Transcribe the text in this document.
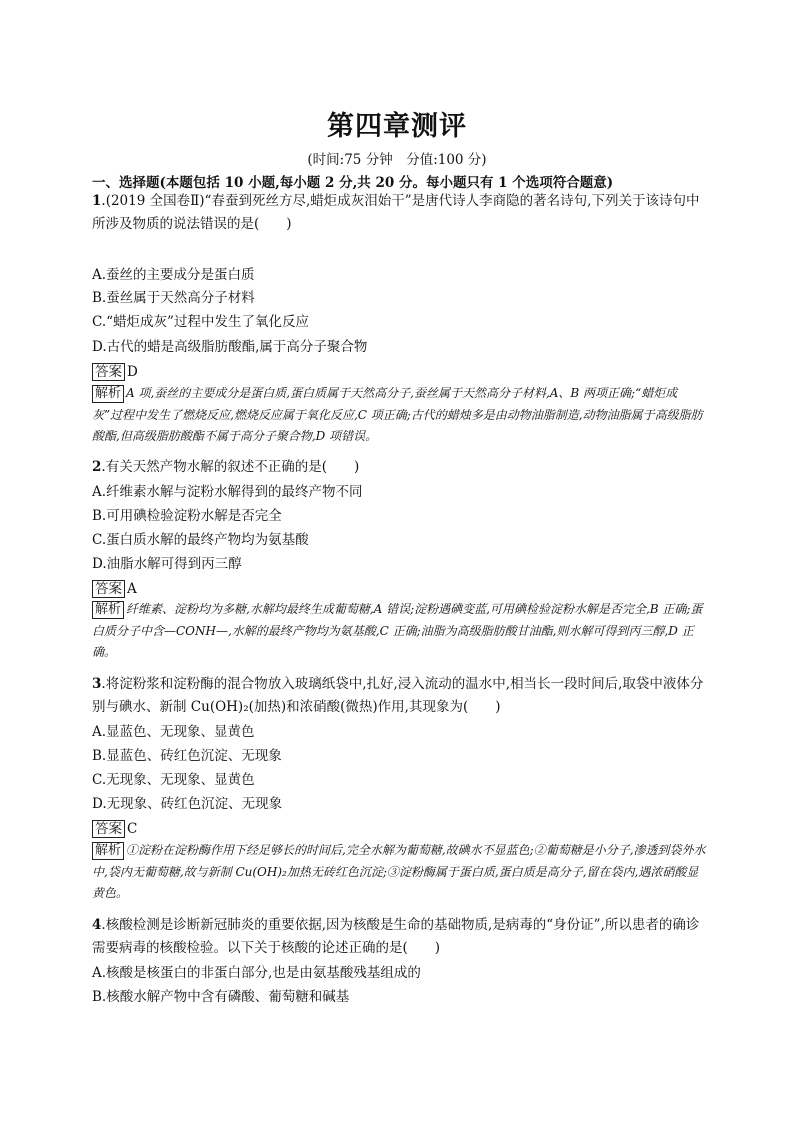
第四章测评
(时间:75 分钟　分值:100 分)
一、选择题(本题包括 10 小题,每小题 2 分,共 20 分。每小题只有 1 个选项符合题意)
1.(2019 全国卷Ⅱ)“春蚕到死丝方尽,蜡炬成灰泪始干”是唐代诗人李商隐的著名诗句,下列关于该诗句中所涉及物质的说法错误的是(　　)
A.蚕丝的主要成分是蛋白质
B.蚕丝属于天然高分子材料
C.“蜡炬成灰”过程中发生了氧化反应
D.古代的蜡是高级脂肪酸酯,属于高分子聚合物
答案 D
解析 A 项,蚕丝的主要成分是蛋白质,蛋白质属于天然高分子,蚕丝属于天然高分子材料,A、B 两项正确;“蜡炬成灰”过程中发生了燃烧反应,燃烧反应属于氧化反应,C 项正确;古代的蜡烛多是由动物油脂制造,动物油脂属于高级脂肪酸酯,但高级脂肪酸酯不属于高分子聚合物,D 项错误。
2.有关天然产物水解的叙述不正确的是(　　)
A.纤维素水解与淀粉水解得到的最终产物不同
B.可用碘检验淀粉水解是否完全
C.蛋白质水解的最终产物均为氨基酸
D.油脂水解可得到丙三醇
答案 A
解析 纤维素、淀粉均为多糖,水解均最终生成葡萄糖,A 错误;淀粉遇碘变蓝,可用碘检验淀粉水解是否完全,B 正确;蛋白质分子中含—CONH—,水解的最终产物均为氨基酸,C 正确;油脂为高级脂肪酸甘油酯,则水解可得到丙三醇,D 正确。
3.将淀粉浆和淀粉酶的混合物放入玻璃纸袋中,扎好,浸入流动的温水中,相当长一段时间后,取袋中液体分别与碘水、新制 Cu(OH)₂(加热)和浓硝酸(微热)作用,其现象为(　　)
A.显蓝色、无现象、显黄色
B.显蓝色、砖红色沉淀、无现象
C.无现象、无现象、显黄色
D.无现象、砖红色沉淀、无现象
答案 C
解析 ①淀粉在淀粉酶作用下经足够长的时间后,完全水解为葡萄糖,故碘水不显蓝色;②葡萄糖是小分子,渗透到袋外水中,袋内无葡萄糖,故与新制 Cu(OH)₂加热无砖红色沉淀;③淀粉酶属于蛋白质,蛋白质是高分子,留在袋内,遇浓硝酸显黄色。
4.核酸检测是诊断新冠肺炎的重要依据,因为核酸是生命的基础物质,是病毒的“身份证”,所以患者的确诊需要病毒的核酸检验。以下关于核酸的论述正确的是(　　)
A.核酸是核蛋白的非蛋白部分,也是由氨基酸残基组成的
B.核酸水解产物中含有磷酸、葡萄糖和碱基
